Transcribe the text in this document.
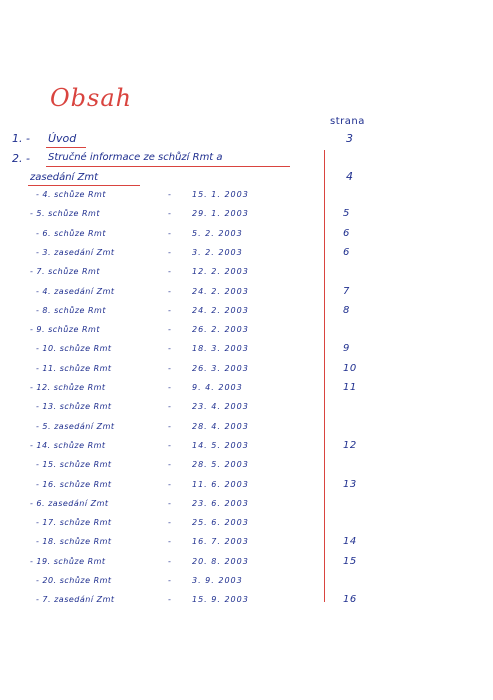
Obsah
strana
1. - Úvod	3
2. - Stručné informace ze schůzí Rmt a
zasedání Zmt	4
- 4. schůze Rmt	-	15. 1. 2003
- 5. schůze Rmt	-	29. 1. 2003	5
- 6. schůze Rmt	-	5. 2. 2003	6
- 3. zasedání Zmt	-	3. 2. 2003	6
- 7. schůze Rmt	-	12. 2. 2003
- 4. zasedání Zmt	-	24. 2. 2003	7
- 8. schůze Rmt	-	24. 2. 2003	8
- 9. schůze Rmt	-	26. 2. 2003
- 10. schůze Rmt	-	18. 3. 2003	9
- 11. schůze Rmt	-	26. 3. 2003	10
- 12. schůze Rmt	-	9. 4. 2003	11
- 13. schůze Rmt	-	23. 4. 2003
- 5. zasedání Zmt	-	28. 4. 2003
- 14. schůze Rmt	-	14. 5. 2003	12
- 15. schůze Rmt	-	28. 5. 2003
- 16. schůze Rmt	-	11. 6. 2003	13
- 6. zasedání Zmt	-	23. 6. 2003
- 17. schůze Rmt	-	25. 6. 2003
- 18. schůze Rmt	-	16. 7. 2003	14
- 19. schůze Rmt	-	20. 8. 2003	15
- 20. schůze Rmt	-	3. 9. 2003
- 7. zasedání Zmt	-	15. 9. 2003	16
